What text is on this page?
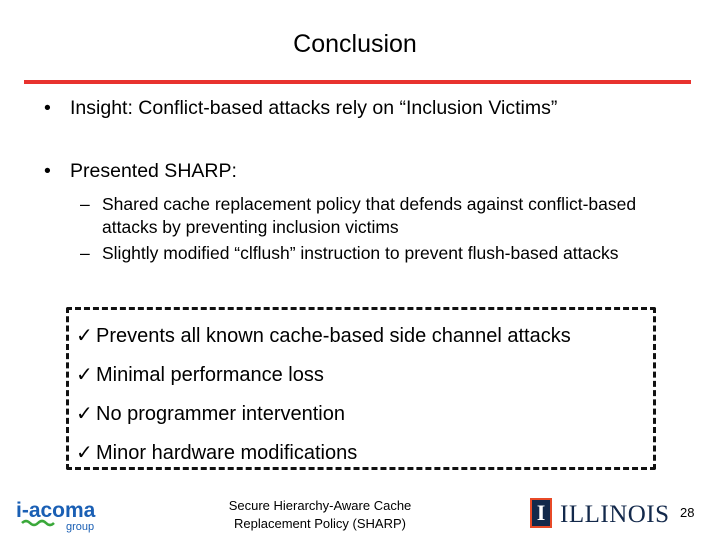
Conclusion
• Insight: Conflict-based attacks rely on “Inclusion Victims”
• Presented SHARP:
– Shared cache replacement policy that defends against conflict-based attacks by preventing inclusion victims
– Slightly modified “clflush” instruction to prevent flush-based attacks
✓ Prevents all known cache-based side channel attacks
✓ Minimal performance loss
✓ No programmer intervention
✓ Minor hardware modifications
i-acoma
group
Secure Hierarchy-Aware Cache
Replacement Policy (SHARP)	I ILLINOIS 28
